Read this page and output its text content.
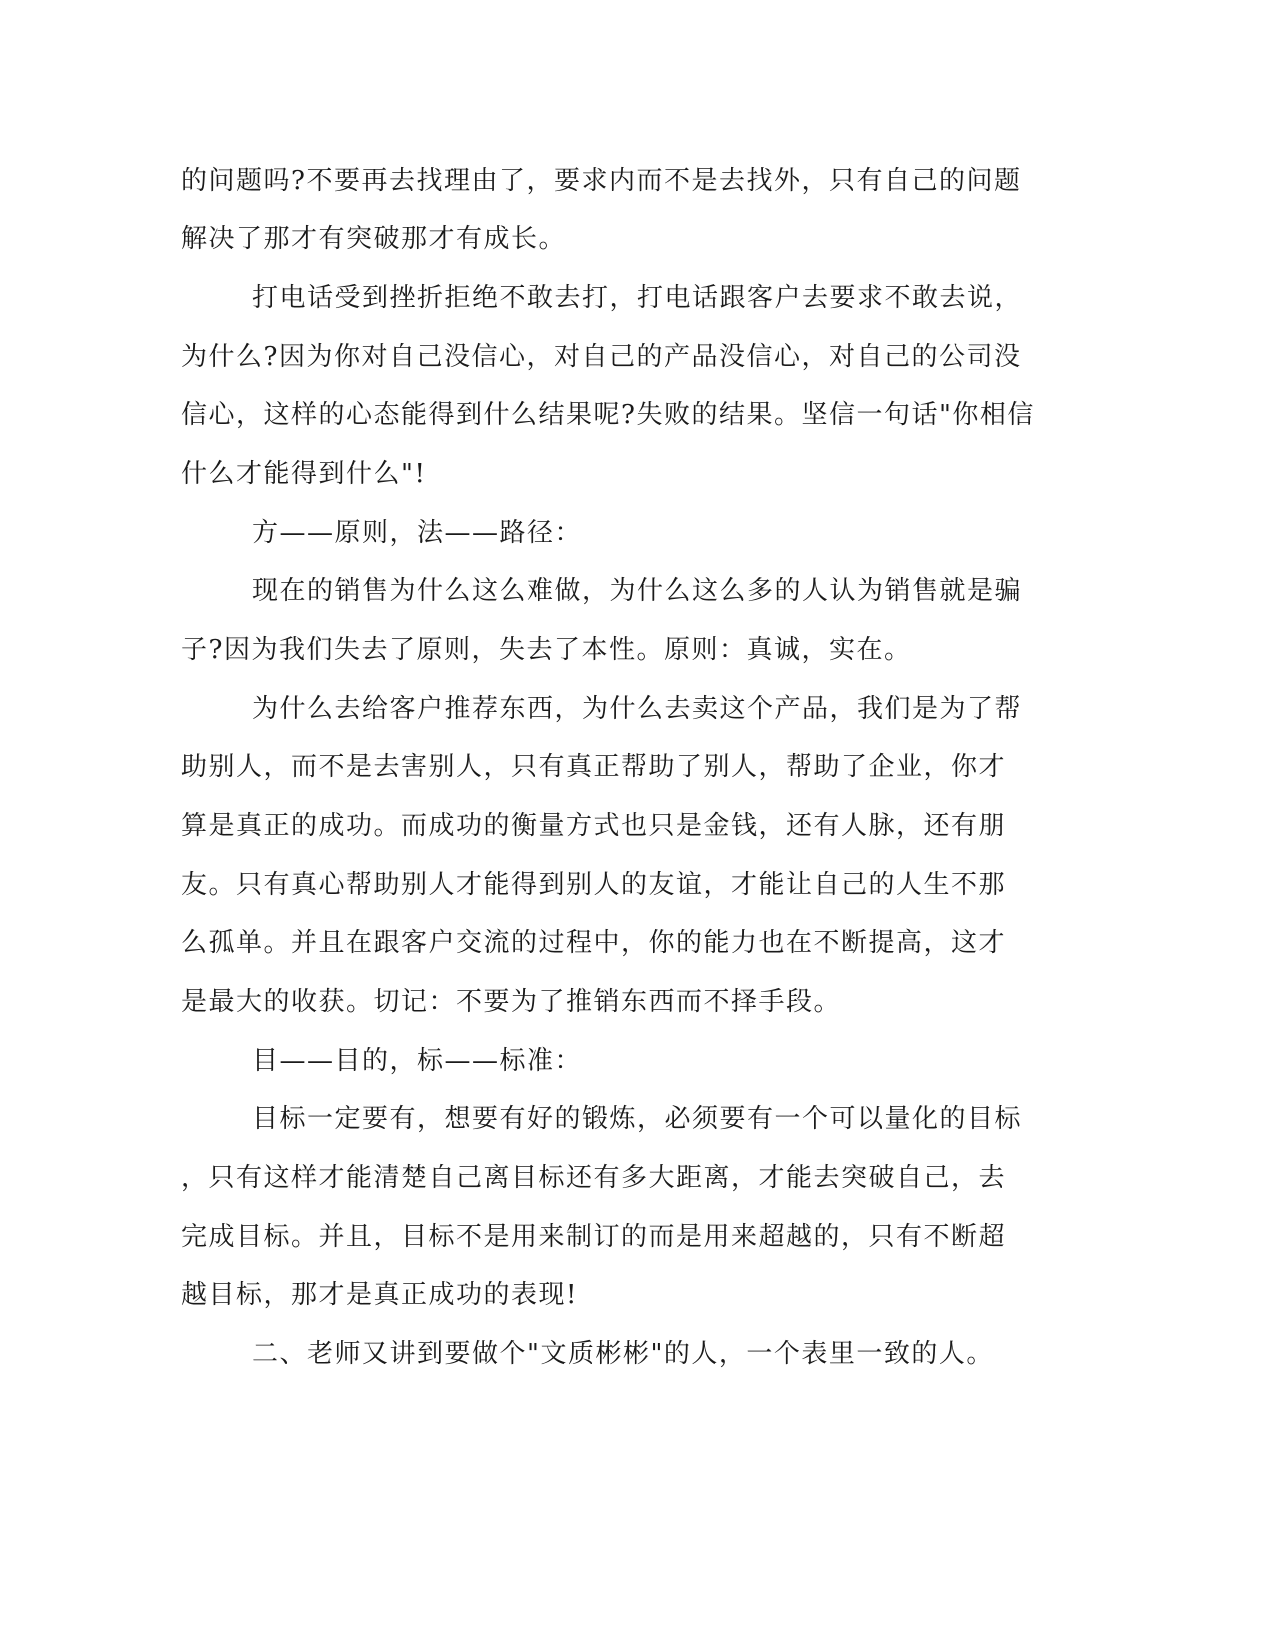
的问题吗?不要再去找理由了，要求内而不是去找外，只有自己的问题
解决了那才有突破那才有成长。
打电话受到挫折拒绝不敢去打，打电话跟客户去要求不敢去说，
为什么?因为你对自己没信心，对自己的产品没信心，对自己的公司没
信心，这样的心态能得到什么结果呢?失败的结果。坚信一句话"你相信
什么才能得到什么"!
方——原则，法——路径：
现在的销售为什么这么难做，为什么这么多的人认为销售就是骗
子?因为我们失去了原则，失去了本性。原则：真诚，实在。
为什么去给客户推荐东西，为什么去卖这个产品，我们是为了帮
助别人，而不是去害别人，只有真正帮助了别人，帮助了企业，你才
算是真正的成功。而成功的衡量方式也只是金钱，还有人脉，还有朋
友。只有真心帮助别人才能得到别人的友谊，才能让自己的人生不那
么孤单。并且在跟客户交流的过程中，你的能力也在不断提高，这才
是最大的收获。切记：不要为了推销东西而不择手段。
目——目的，标——标准：
目标一定要有，想要有好的锻炼，必须要有一个可以量化的目标
，只有这样才能清楚自己离目标还有多大距离，才能去突破自己，去
完成目标。并且，目标不是用来制订的而是用来超越的，只有不断超
越目标，那才是真正成功的表现!
二、老师又讲到要做个"文质彬彬"的人，一个表里一致的人。
